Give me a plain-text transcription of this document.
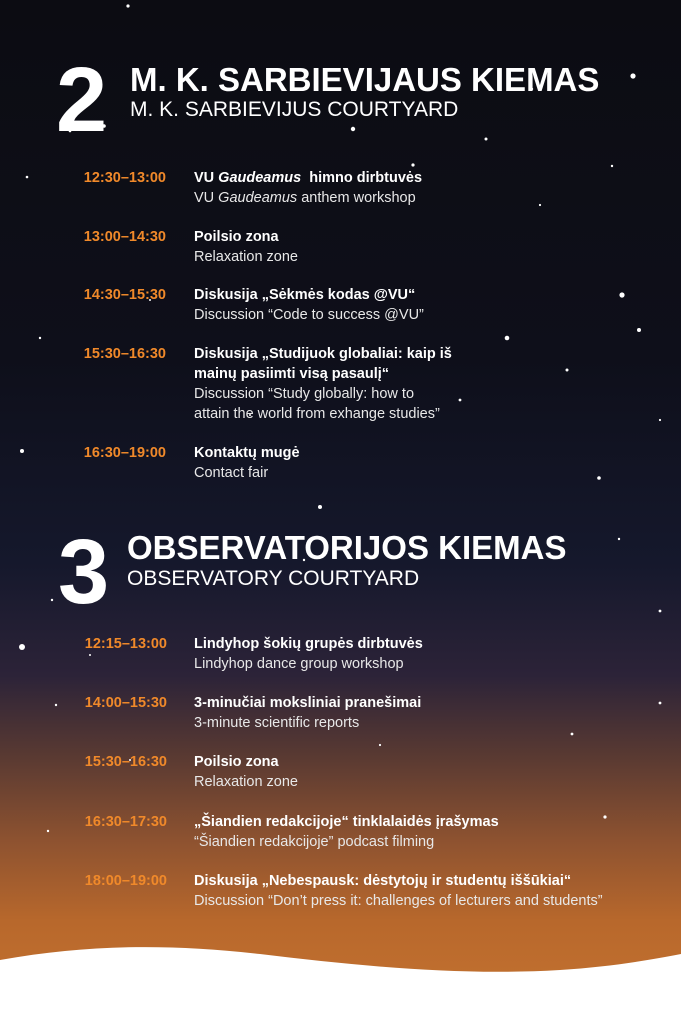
2 M. K. SARBIEVIJAUS KIEMAS
M. K. SARBIEVIJUS COURTYARD
12:30–13:00 VU Gaudeamus  himno dirbtuvės
VU Gaudeamus anthem workshop
13:00–14:30 Poilsio zona
Relaxation zone
14:30–15:30 Diskusija „Sėkmės kodas @VU“
Discussion “Code to success @VU”
15:30–16:30 Diskusija „Studijuok globaliai: kaip iš
mainų pasiimti visą pasaulį“
Discussion “Study globally: how to
attain the world from exhange studies”
16:30–19:00 Kontaktų mugė
Contact fair
3 OBSERVATORIJOS KIEMAS
OBSERVATORY COURTYARD
12:15–13:00 Lindyhop šokių grupės dirbtuvės
Lindyhop dance group workshop
14:00–15:30 3-minučiai moksliniai pranešimai
3-minute scientific reports
15:30–16:30 Poilsio zona
Relaxation zone
16:30–17:30 „Šiandien redakcijoje“ tinklalaidės įrašymas
“Šiandien redakcijoje” podcast filming
18:00–19:00 Diskusija „Nebespausk: dėstytojų ir studentų iššūkiai“
Discussion “Don’t press it: challenges of lecturers and students”
